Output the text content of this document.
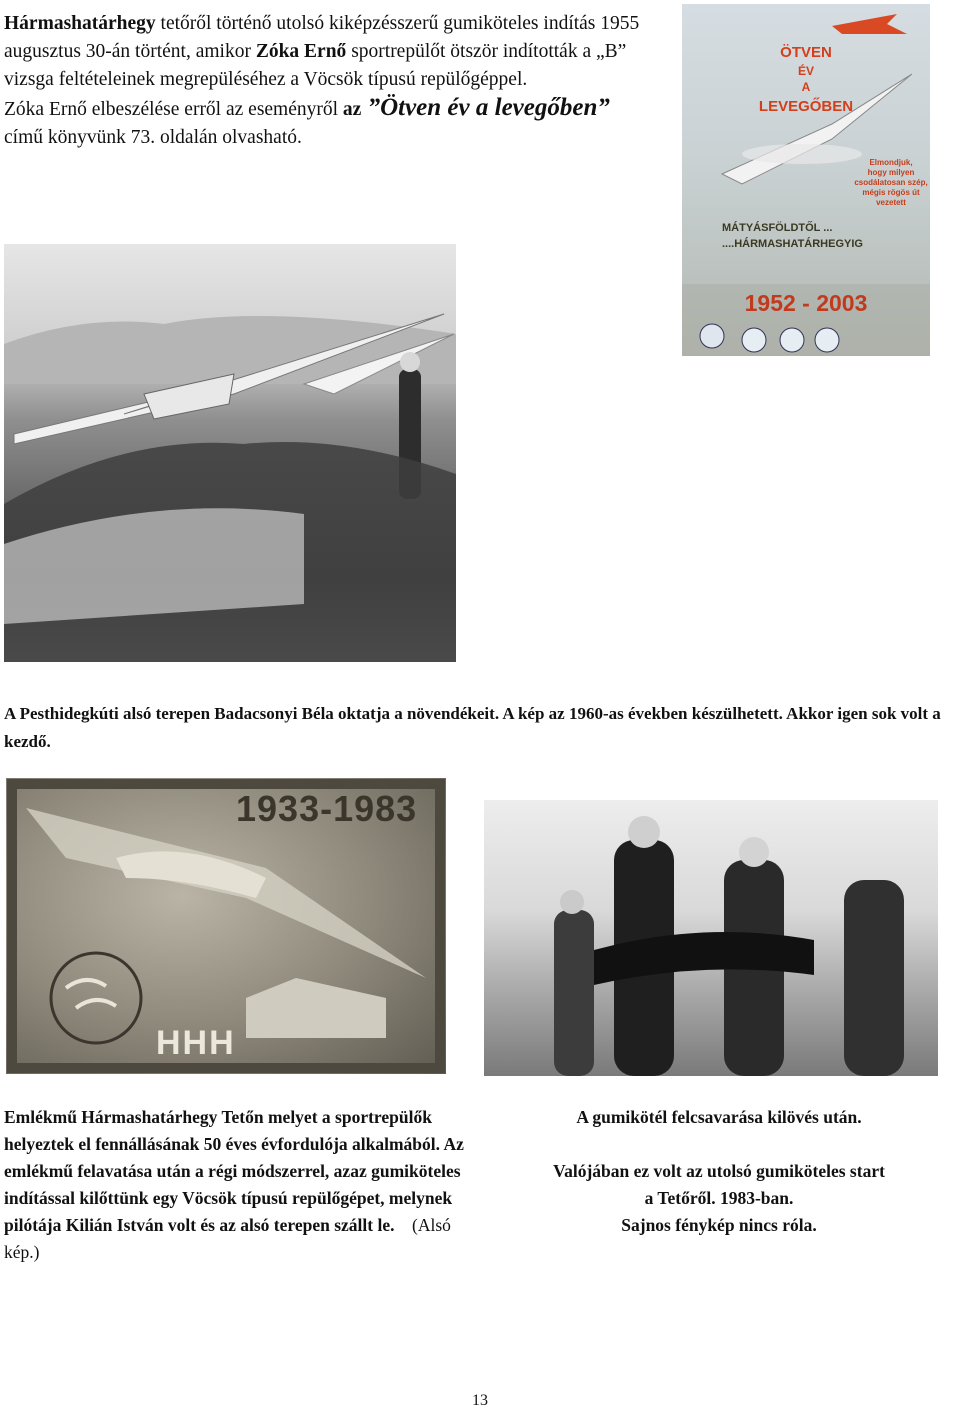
Hármashatárhegy tetőről történő utolsó kiképzésszerű gumiköteles indítás 1955 augusztus 30-án történt, amikor Zóka Ernő sportrepülőt ötször indították a „B” vizsga feltételeinek megrepüléséhez a Vöcsök típusú repülőgéppel.

Zóka Ernő elbeszélése erről az eseményről az ”Ötven év a levegőben” című könyvünk 73. oldalán olvasható.

ÖTVEN
ÉV
A
LEVEGŐBEN
Elmondjuk,
hogy milyen
csodálatosan szép,
mégis rögös út vezetett
MÁTYÁSFÖLDTŐL ...
....HÁRMASHATÁRHEGYIG
1952 - 2003
A Pesthidegkúti alsó terepen Badacsonyi Béla oktatja a növendékeit. A kép az 1960-as években készülhetett. Akkor igen sok volt a kezdő.
1933-1983
HHH
Emlékmű Hármashatárhegy Tetőn melyet a sportrepülők helyeztek el fennállásának 50 éves évfordulója alkalmából. Az emlékmű felavatása után a régi módszerrel, azaz gumiköteles indítással kilőttünk egy Vöcsök típusú repülőgépet, melynek pilótája Kilián István volt és az alsó terepen szállt le. (Alsó kép.)

A gumikötél felcsavarása kilövés után.

Valójában ez volt az utolsó gumiköteles start

a Tetőről. 1983-ban.

Sajnos fénykép nincs róla.

13
